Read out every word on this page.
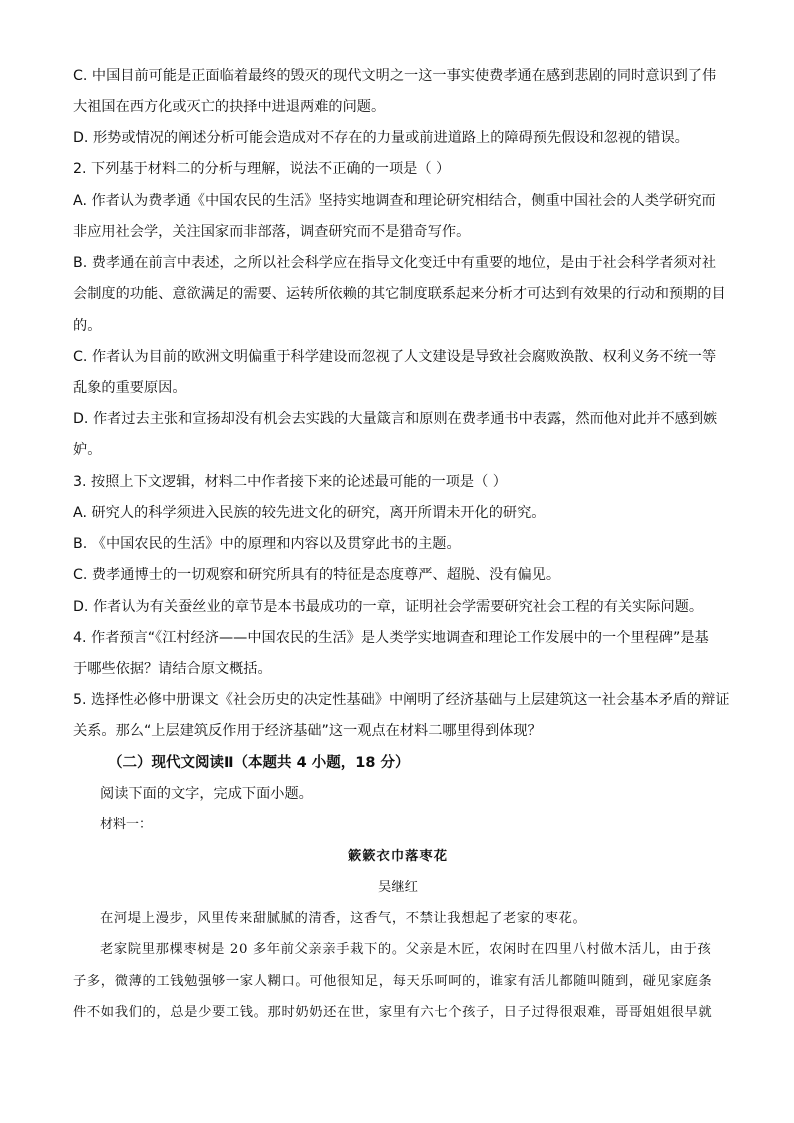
C. 中国目前可能是正面临着最终的毁灭的现代文明之一这一事实使费孝通在感到悲剧的同时意识到了伟
大祖国在西方化或灭亡的抉择中进退两难的问题。
D. 形势或情况的阐述分析可能会造成对不存在的力量或前进道路上的障碍预先假设和忽视的错误。
2. 下列基于材料二的分析与理解，说法不正确的一项是（ ）
A. 作者认为费孝通《中国农民的生活》坚持实地调查和理论研究相结合，侧重中国社会的人类学研究而
非应用社会学，关注国家而非部落，调查研究而不是猎奇写作。
B. 费孝通在前言中表述，之所以社会科学应在指导文化变迁中有重要的地位，是由于社会科学者须对社
会制度的功能、意欲满足的需要、运转所依赖的其它制度联系起来分析才可达到有效果的行动和预期的目
的。
C. 作者认为目前的欧洲文明偏重于科学建设而忽视了人文建设是导致社会腐败涣散、权利义务不统一等
乱象的重要原因。
D. 作者过去主张和宣扬却没有机会去实践的大量箴言和原则在费孝通书中表露，然而他对此并不感到嫉
妒。
3. 按照上下文逻辑，材料二中作者接下来的论述最可能的一项是（ ）
A. 研究人的科学须进入民族的较先进文化的研究，离开所谓未开化的研究。
B. 《中国农民的生活》中的原理和内容以及贯穿此书的主题。
C. 费孝通博士的一切观察和研究所具有的特征是态度尊严、超脱、没有偏见。
D. 作者认为有关蚕丝业的章节是本书最成功的一章，证明社会学需要研究社会工程的有关实际问题。
4. 作者预言“《江村经济——中国农民的生活》是人类学实地调查和理论工作发展中的一个里程碑”是基
于哪些依据？请结合原文概括。
5. 选择性必修中册课文《社会历史的决定性基础》中阐明了经济基础与上层建筑这一社会基本矛盾的辩证
关系。那么“上层建筑反作用于经济基础”这一观点在材料二哪里得到体现？
（二）现代文阅读Ⅱ（本题共 4 小题，18 分）
阅读下面的文字，完成下面小题。
材料一：
簌簌衣巾落枣花
吴继红
在河堤上漫步，风里传来甜腻腻的清香，这香气，不禁让我想起了老家的枣花。
老家院里那棵枣树是 20 多年前父亲亲手栽下的。父亲是木匠，农闲时在四里八村做木活儿，由于孩
子多，微薄的工钱勉强够一家人糊口。可他很知足，每天乐呵呵的，谁家有活儿都随叫随到，碰见家庭条
件不如我们的，总是少要工钱。那时奶奶还在世，家里有六七个孩子，日子过得很艰难，哥哥姐姐很早就
